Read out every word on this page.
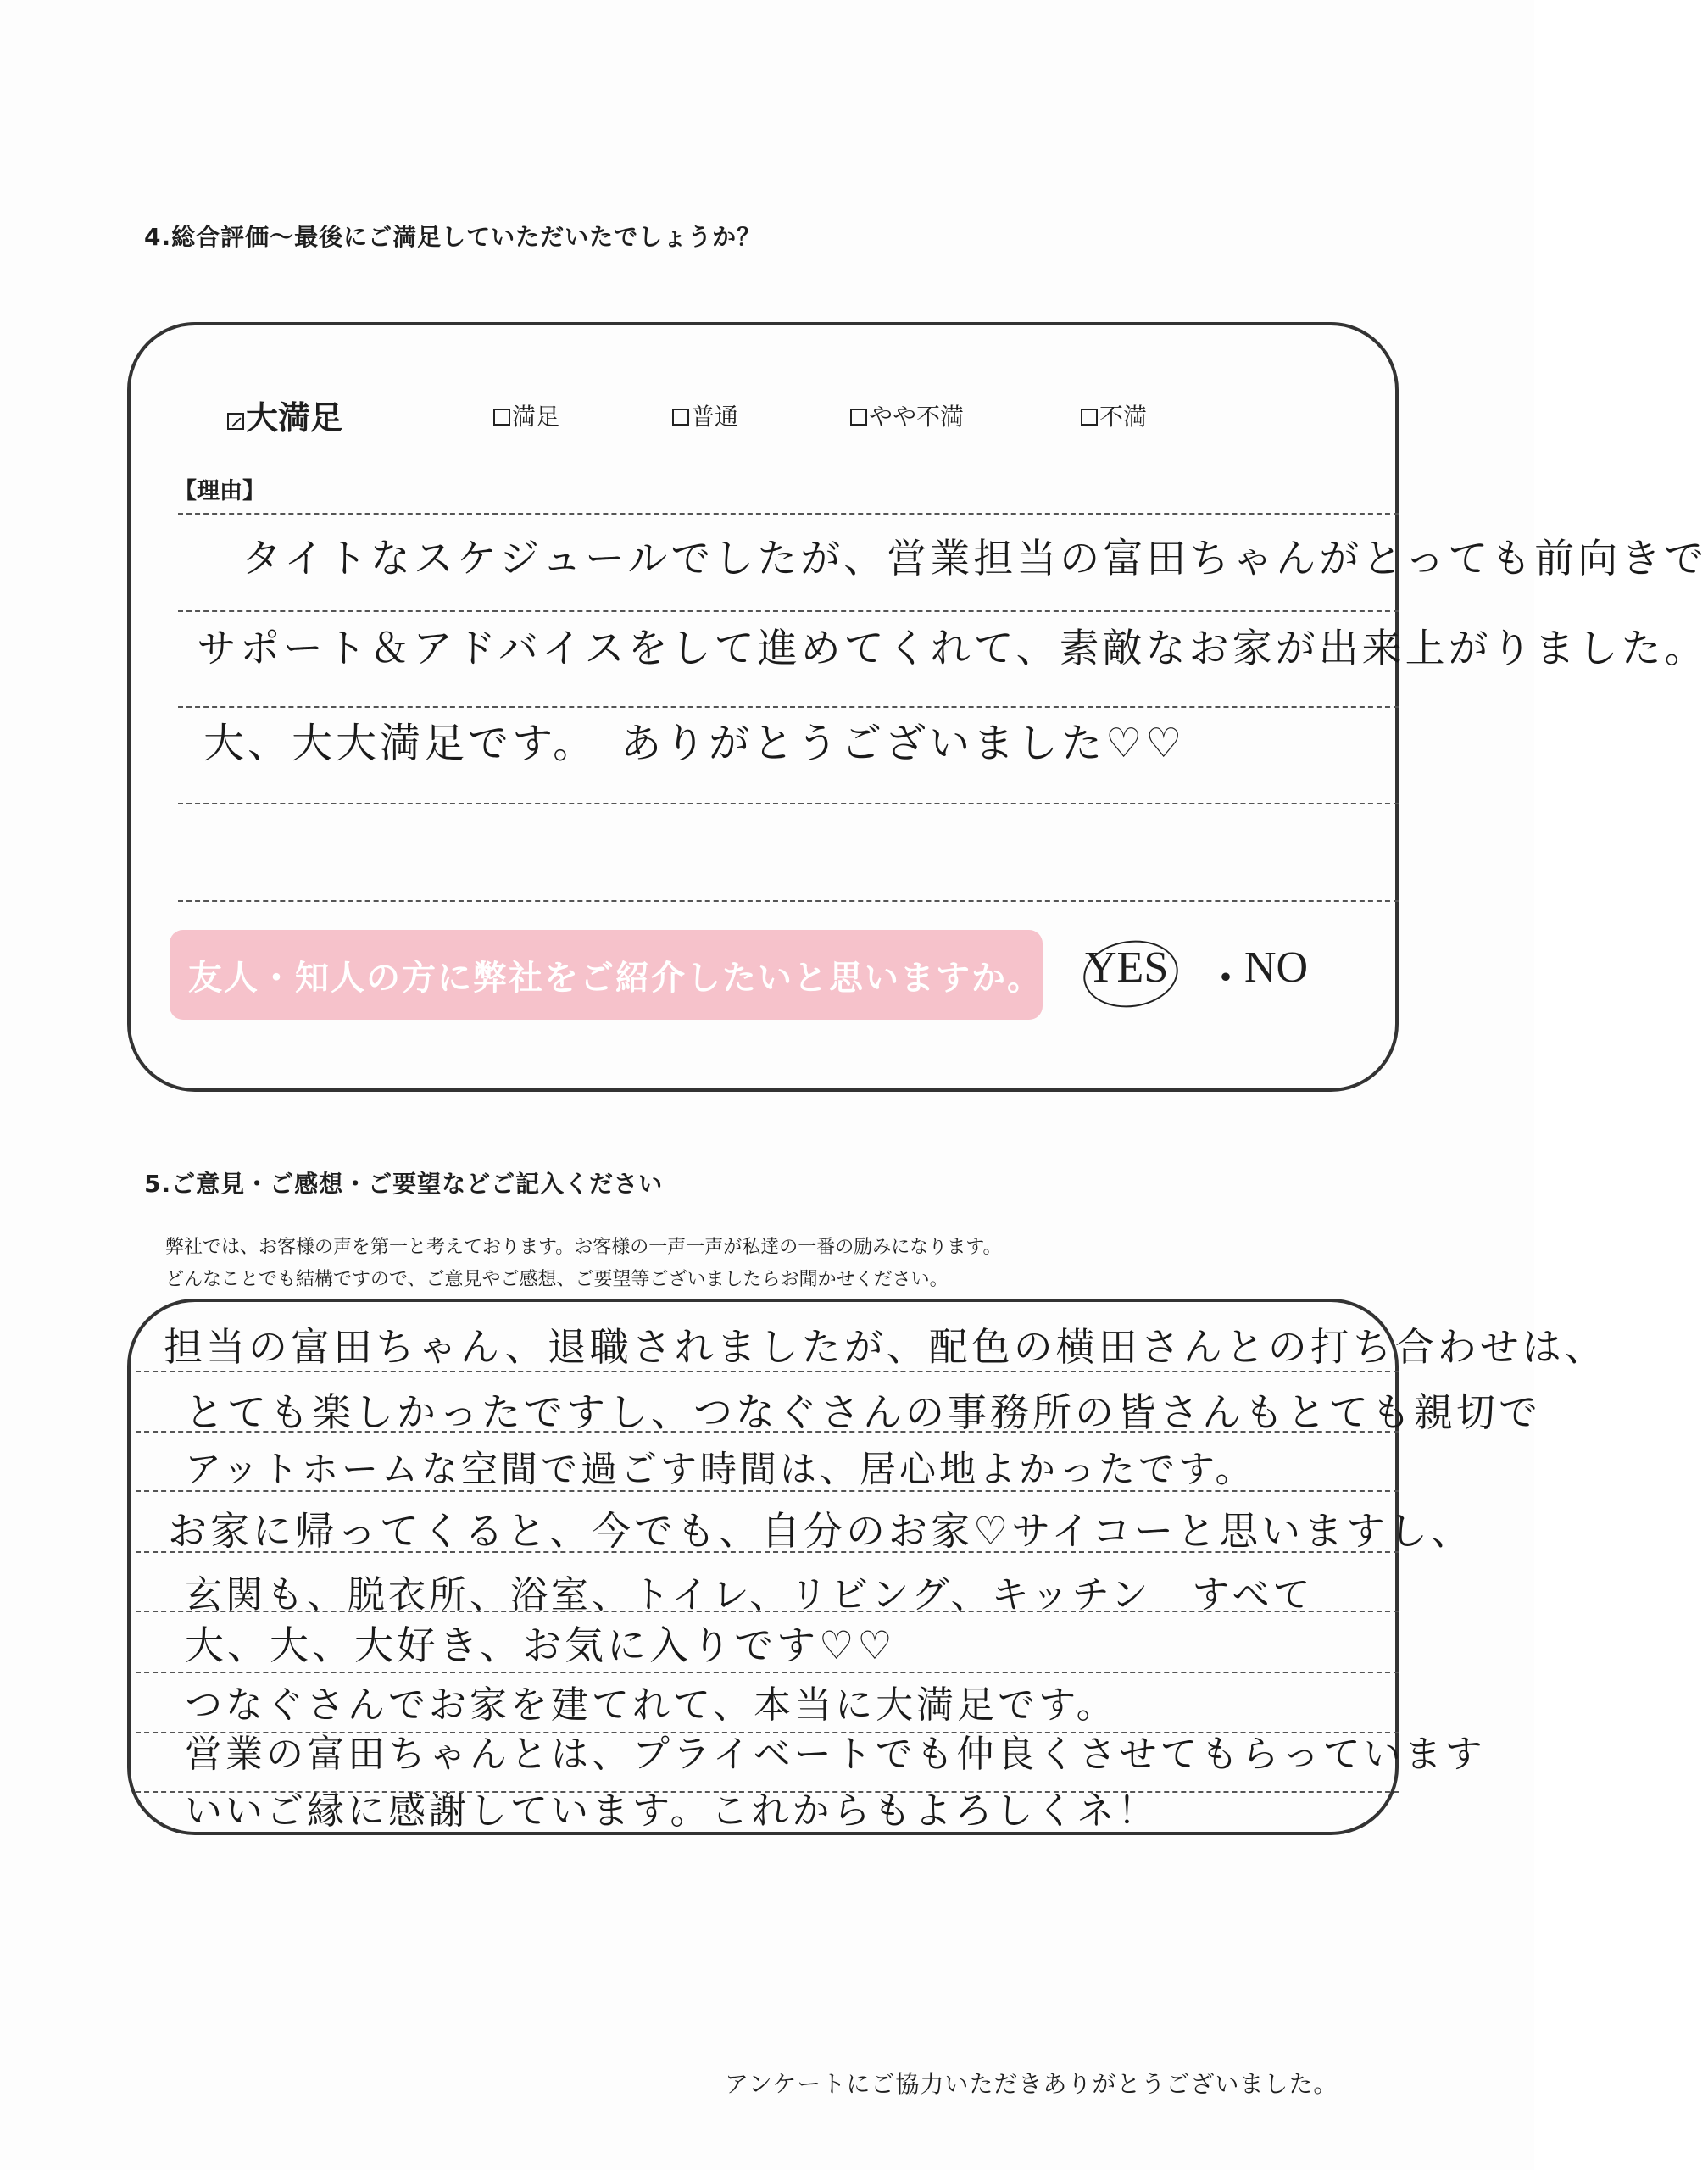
4.総合評価〜最後にご満足していただいたでしょうか？
大満足	満足	普通	やや不満	不満
【理由】
タイトなスケジュールでしたが、営業担当の富田ちゃんがとっても前向きで
サポート＆アドバイスをして進めてくれて、素敵なお家が出来上がりました。
大、大大満足です。　ありがとうございました♡♡
友人・知人の方に弊社をご紹介したいと思いますか。 YES ・
NO
5.ご意見・ご感想・ご要望などご記入ください
弊社では、お客様の声を第一と考えております。お客様の一声一声が私達の一番の励みになります。
どんなことでも結構ですので、ご意見やご感想、ご要望等ございましたらお聞かせください。
担当の富田ちゃん、退職されましたが、配色の横田さんとの打ち合わせは、
とても楽しかったですし、つなぐさんの事務所の皆さんもとても親切で
アットホームな空間で過ごす時間は、居心地よかったです。
お家に帰ってくると、今でも、自分のお家♡サイコーと思いますし、
玄関も、脱衣所、浴室、トイレ、リビング、キッチン　すべて
大、大、大好き、お気に入りです♡♡
つなぐさんでお家を建てれて、本当に大満足です。
営業の富田ちゃんとは、プライベートでも仲良くさせてもらっています
いいご縁に感謝しています。これからもよろしくネ！
アンケートにご協力いただきありがとうございました。
